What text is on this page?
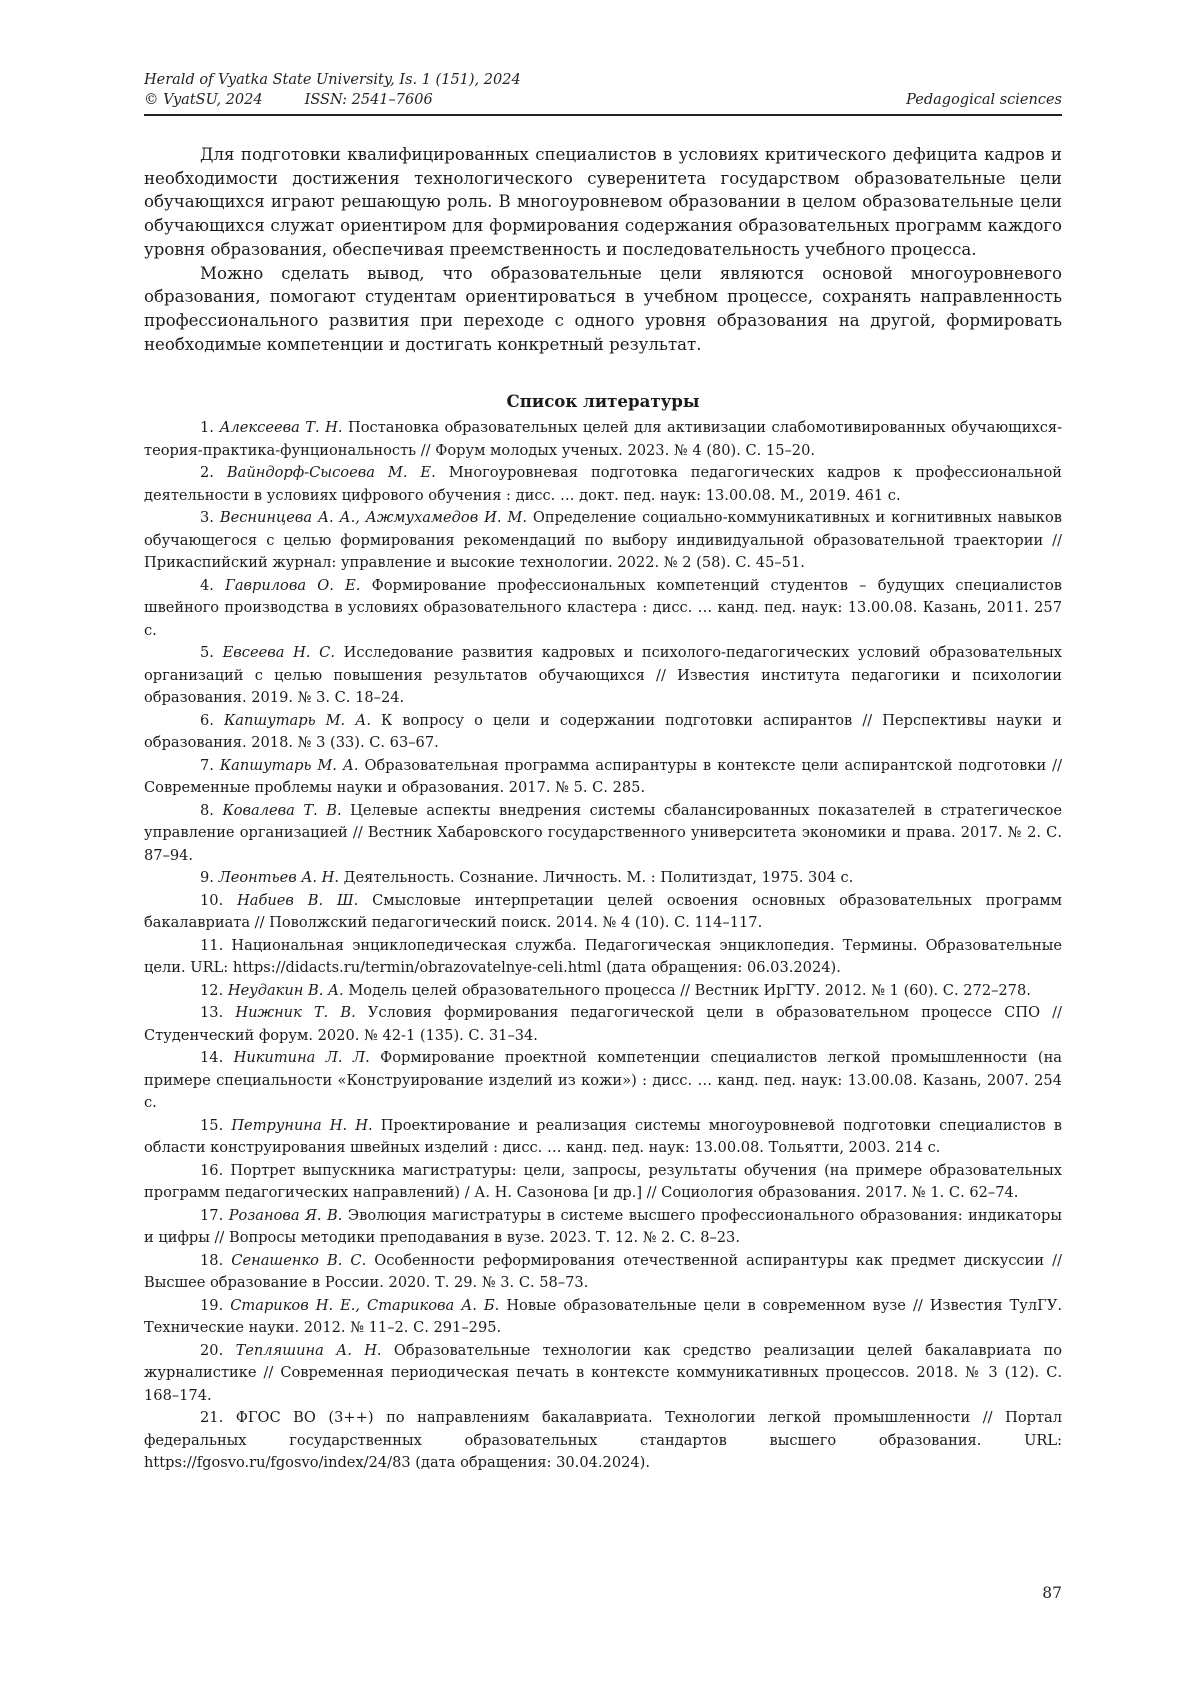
Herald of Vyatka State University, Is. 1 (151), 2024
© VyatSU, 2024	ISSN: 2541–7606	Pedagogical sciences

Для подготовки квалифицированных специалистов в условиях критического дефицита кадров и необходимости достижения технологического суверенитета государством образовательные цели обучающихся играют решающую роль. В многоуровневом образовании в целом образовательные цели обучающихся служат ориентиром для формирования содержания образовательных программ каждого уровня образования, обеспечивая преемственность и последовательность учебного процесса.

Можно сделать вывод, что образовательные цели являются основой многоуровневого образования, помогают студентам ориентироваться в учебном процессе, сохранять направленность профессионального развития при переходе с одного уровня образования на другой, формировать необходимые компетенции и достигать конкретный результат.

Список литературы
1. Алексеева Т. Н. Постановка образовательных целей для активизации слабомотивированных обучающихся-теория-практика-фунциональность // Форум молодых ученых. 2023. № 4 (80). С. 15–20.
2. Вайндорф-Сысоева М. Е. Многоуровневая подготовка педагогических кадров к профессиональной деятельности в условиях цифрового обучения : дисс. … докт. пед. наук: 13.00.08. М., 2019. 461 с.
3. Веснинцева А. А., Ажмухамедов И. М. Определение социально-коммуникативных и когнитивных навыков обучающегося с целью формирования рекомендаций по выбору индивидуальной образовательной траектории // Прикаспийский журнал: управление и высокие технологии. 2022. № 2 (58). С. 45–51.
4. Гаврилова О. Е. Формирование профессиональных компетенций студентов – будущих специалистов швейного производства в условиях образовательного кластера : дисс. … канд. пед. наук: 13.00.08. Казань, 2011. 257 с.
5. Евсеева Н. С. Исследование развития кадровых и психолого-педагогических условий образовательных организаций с целью повышения результатов обучающихся // Известия института педагогики и психологии образования. 2019. № 3. С. 18–24.
6. Капшутарь М. А. К вопросу о цели и содержании подготовки аспирантов // Перспективы науки и образования. 2018. № 3 (33). С. 63–67.
7. Капшутарь М. А. Образовательная программа аспирантуры в контексте цели аспирантской подготовки // Современные проблемы науки и образования. 2017. № 5. С. 285.
8. Ковалева Т. В. Целевые аспекты внедрения системы сбалансированных показателей в стратегическое управление организацией // Вестник Хабаровского государственного университета экономики и права. 2017. № 2. С. 87–94.
9. Леонтьев А. Н. Деятельность. Сознание. Личность. М. : Политиздат, 1975. 304 с.
10. Набиев В. Ш. Смысловые интерпретации целей освоения основных образовательных программ бакалавриата // Поволжский педагогический поиск. 2014. № 4 (10). С. 114–117.
11. Национальная энциклопедическая служба. Педагогическая энциклопедия. Термины. Образовательные цели. URL: https://didacts.ru/termin/obrazovatelnye-celi.html (дата обращения: 06.03.2024).
12. Неудакин В. А. Модель целей образовательного процесса // Вестник ИрГТУ. 2012. № 1 (60). С. 272–278.
13. Нижник Т. В. Условия формирования педагогической цели в образовательном процессе СПО // Студенческий форум. 2020. № 42-1 (135). С. 31–34.
14. Никитина Л. Л. Формирование проектной компетенции специалистов легкой промышленности (на примере специальности «Конструирование изделий из кожи») : дисс. … канд. пед. наук: 13.00.08. Казань, 2007. 254 с.
15. Петрунина Н. Н. Проектирование и реализация системы многоуровневой подготовки специалистов в области конструирования швейных изделий : дисс. … канд. пед. наук: 13.00.08. Тольятти, 2003. 214 с.
16. Портрет выпускника магистратуры: цели, запросы, результаты обучения (на примере образовательных программ педагогических направлений) / А. Н. Сазонова [и др.] // Социология образования. 2017. № 1. С. 62–74.
17. Розанова Я. В. Эволюция магистратуры в системе высшего профессионального образования: индикаторы и цифры // Вопросы методики преподавания в вузе. 2023. Т. 12. № 2. С. 8–23.
18. Сенашенко В. С. Особенности реформирования отечественной аспирантуры как предмет дискуссии // Высшее образование в России. 2020. Т. 29. № 3. С. 58–73.
19. Стариков Н. Е., Старикова А. Б. Новые образовательные цели в современном вузе // Известия ТулГУ. Технические науки. 2012. № 11–2. С. 291–295.
20. Тепляшина А. Н. Образовательные технологии как средство реализации целей бакалавриата по журналистике // Современная периодическая печать в контексте коммуникативных процессов. 2018. № 3 (12). С. 168–174.
21. ФГОС ВО (3++) по направлениям бакалавриата. Технологии легкой промышленности // Портал федеральных государственных образовательных стандартов высшего образования. URL: https://fgosvo.ru/fgosvo/index/24/83 (дата обращения: 30.04.2024).
87
